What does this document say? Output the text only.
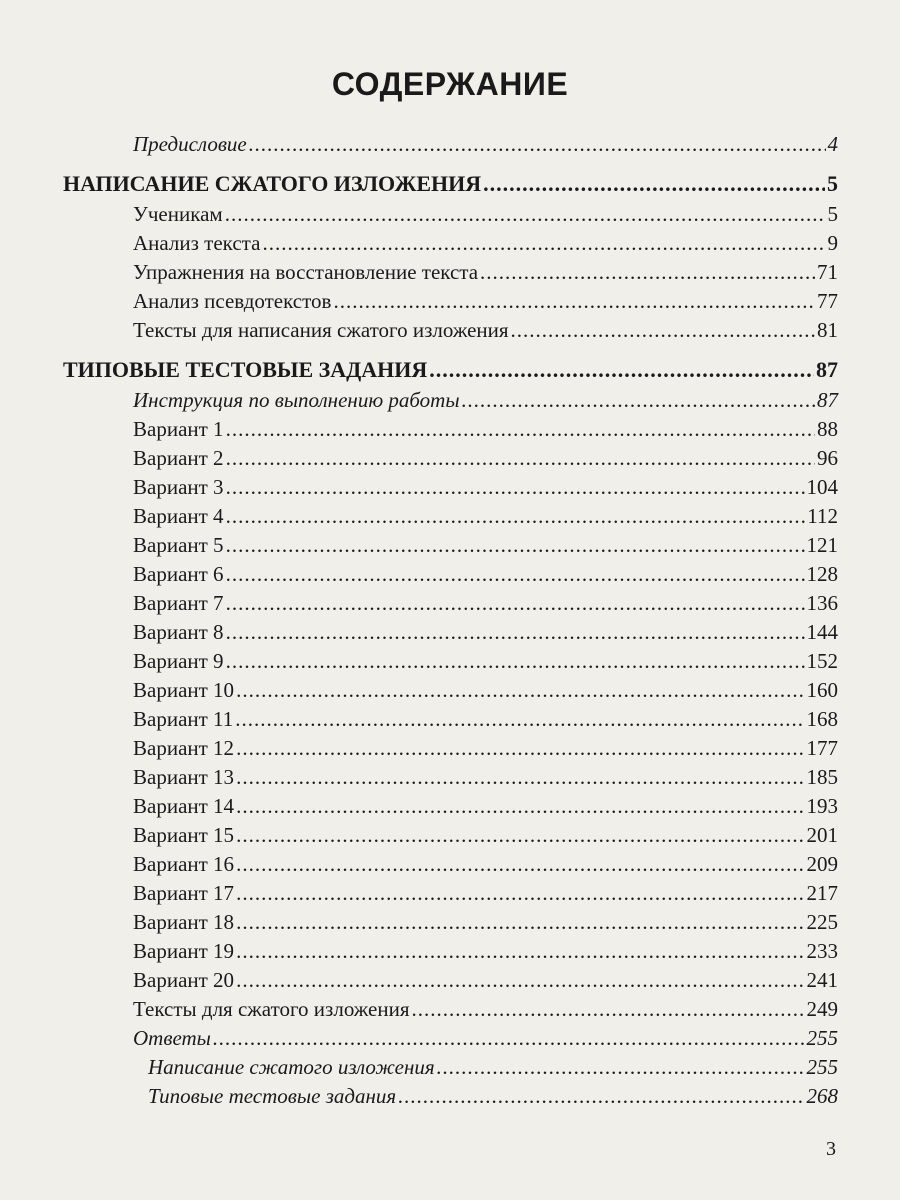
СОДЕРЖАНИЕ
Предисловие .....	4
НАПИСАНИЕ СЖАТОГО ИЗЛОЖЕНИЯ .....	5
Ученикам .....	5
Анализ текста .....	9
Упражнения на восстановление текста .....	71
Анализ псевдотекстов .....	77
Тексты для написания сжатого изложения .....	81
ТИПОВЫЕ ТЕСТОВЫЕ ЗАДАНИЯ .....	87
Инструкция по выполнению работы .....	87
Вариант 1 .....	88
Вариант 2 .....	96
Вариант 3 .....	104
Вариант 4 .....	112
Вариант 5 .....	121
Вариант 6 .....	128
Вариант 7 .....	136
Вариант 8 .....	144
Вариант 9 .....	152
Вариант 10 .....	160
Вариант 11 .....	168
Вариант 12 .....	177
Вариант 13 .....	185
Вариант 14 .....	193
Вариант 15 .....	201
Вариант 16 .....	209
Вариант 17 .....	217
Вариант 18 .....	225
Вариант 19 .....	233
Вариант 20 .....	241
Тексты для сжатого изложения .....	249
Ответы .....	255
Написание сжатого изложения .....	255
Типовые тестовые задания .....	268
3
